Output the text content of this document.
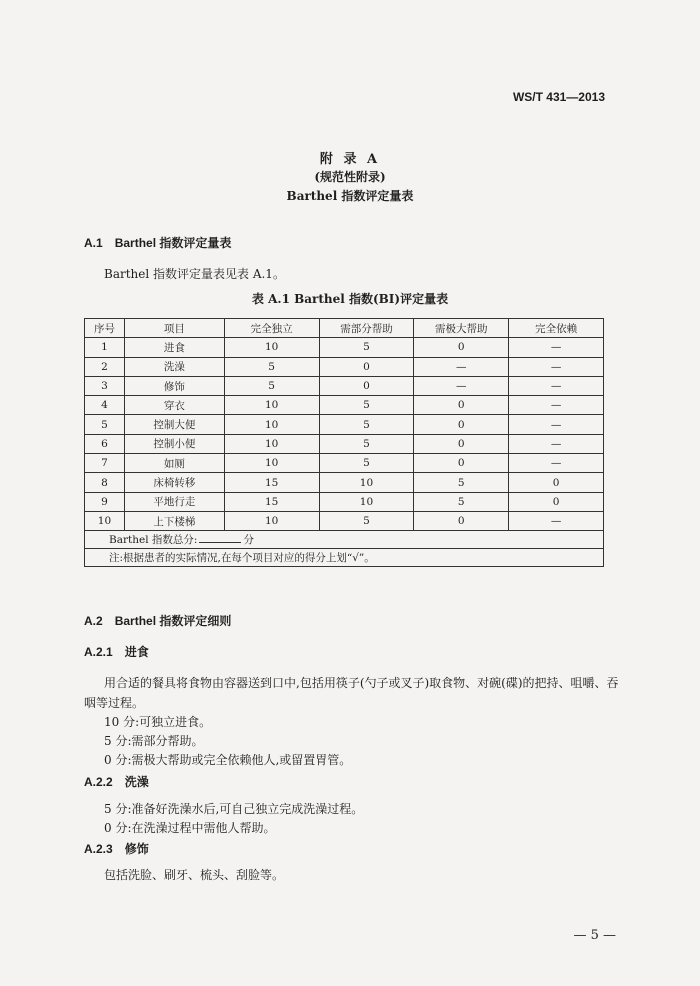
WS/T 431—2013
附 录 A
(规范性附录)
Barthel 指数评定量表
A.1 Barthel 指数评定量表
Barthel 指数评定量表见表 A.1。
表 A.1 Barthel 指数(BI)评定量表
序号	项目	完全独立	需部分帮助	需极大帮助	完全依赖
1	进食	10	5	0	—
2	洗澡	5	0	—	—
3	修饰	5	0	—	—
4	穿衣	10	5	0	—
5	控制大便	10	5	0	—
6	控制小便	10	5	0	—
7	如厕	10	5	0	—
8	床椅转移	15	10	5	0
9	平地行走	15	10	5	0
10	上下楼梯	10	5	0	—
Barthel 指数总分: 分					
注:根据患者的实际情况,在每个项目对应的得分上划“√”。					
A.2 Barthel 指数评定细则
A.2.1 进食
用合适的餐具将食物由容器送到口中,包括用筷子(勺子或叉子)取食物、对碗(碟)的把持、咀嚼、吞
咽等过程。
10 分:可独立进食。
5 分:需部分帮助。
0 分:需极大帮助或完全依赖他人,或留置胃管。
A.2.2 洗澡
5 分:准备好洗澡水后,可自己独立完成洗澡过程。
0 分:在洗澡过程中需他人帮助。
A.2.3 修饰
包括洗脸、刷牙、梳头、刮脸等。
— 5 —
